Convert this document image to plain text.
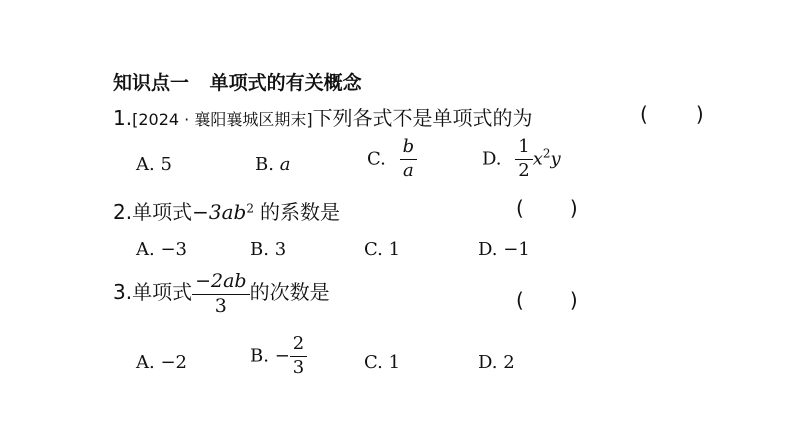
知识点一 单项式的有关概念
1.[2024 · 襄阳襄城区期末]下列各式不是单项式的为	( )
A. 5	B. a	C. $\frac{b}{a}$	D. $\frac{1}{2} x^2y$
2.单项式$-3ab^2$ 的系数是	( )
A. −3	B. 3	C. 1	D. −1
3.单项式 $\frac{-2ab}{3}$ 的次数是	( )
A. −2	B. − $\frac{2}{3}$	C. 1	D. 2
